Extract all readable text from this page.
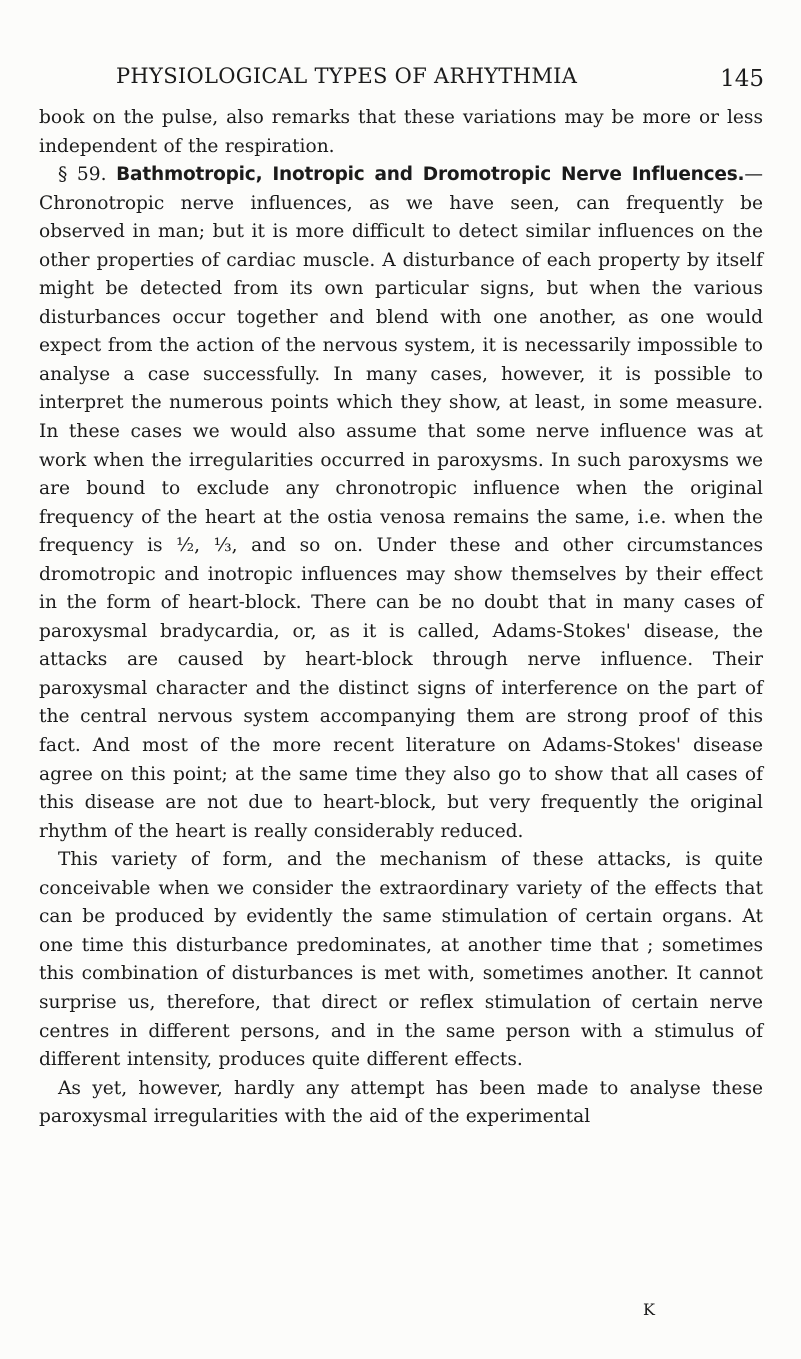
PHYSIOLOGICAL TYPES OF ARHYTHMIA	145

book on the pulse, also remarks that these variations may be more or less independent of the respiration.

§ 59. Bathmotropic, Inotropic and Dromotropic Nerve Influences.—Chronotropic nerve influences, as we have seen, can frequently be observed in man; but it is more difficult to detect similar influences on the other properties of cardiac muscle. A disturbance of each property by itself might be detected from its own particular signs, but when the various disturbances occur together and blend with one another, as one would expect from the action of the nervous system, it is necessarily impossible to analyse a case successfully. In many cases, however, it is possible to interpret the numerous points which they show, at least, in some measure. In these cases we would also assume that some nerve influence was at work when the irregularities occurred in paroxysms. In such paroxysms we are bound to exclude any chronotropic influence when the original frequency of the heart at the ostia venosa remains the same, i.e. when the frequency is ½, ⅓, and so on. Under these and other circumstances dromotropic and inotropic influences may show themselves by their effect in the form of heart-block. There can be no doubt that in many cases of paroxysmal bradycardia, or, as it is called, Adams-Stokes' disease, the attacks are caused by heart-block through nerve influence. Their paroxysmal character and the distinct signs of interference on the part of the central nervous system accompanying them are strong proof of this fact. And most of the more recent literature on Adams-Stokes' disease agree on this point; at the same time they also go to show that all cases of this disease are not due to heart-block, but very frequently the original rhythm of the heart is really considerably reduced.

This variety of form, and the mechanism of these attacks, is quite conceivable when we consider the extraordinary variety of the effects that can be produced by evidently the same stimulation of certain organs. At one time this disturbance predominates, at another time that ; sometimes this combination of disturbances is met with, sometimes another. It cannot surprise us, therefore, that direct or reflex stimulation of certain nerve centres in different persons, and in the same person with a stimulus of different intensity, produces quite different effects.

As yet, however, hardly any attempt has been made to analyse these paroxysmal irregularities with the aid of the experimental

K
